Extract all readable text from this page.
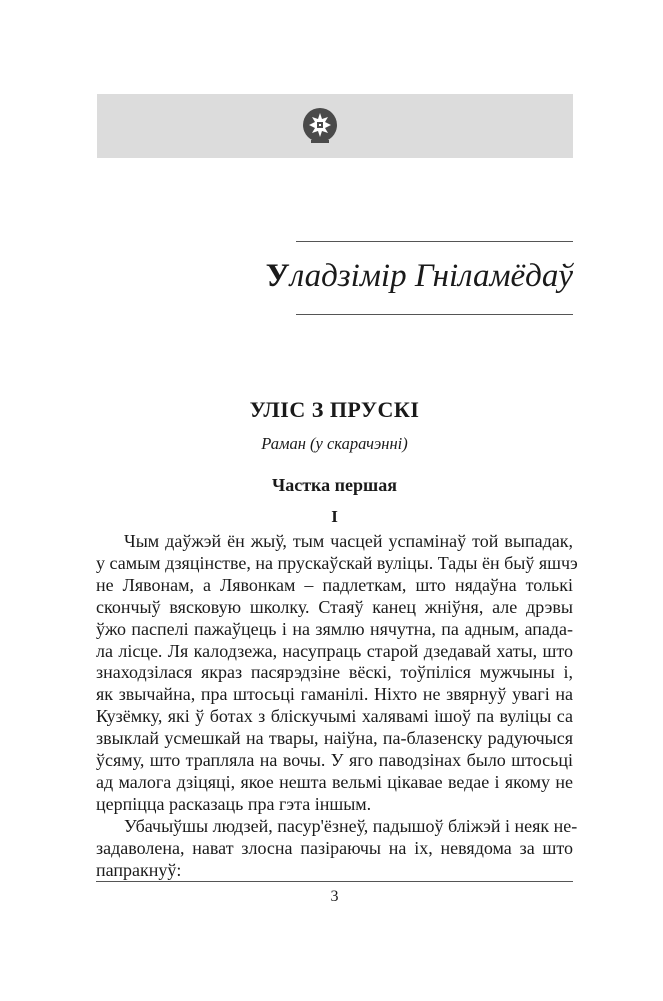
Уладзімір Гніламёдаў
УЛІС З ПРУСКІ
Раман (у скарачэнні)
Частка першая
I
Чым даўжэй ён жыў, тым часцей успамінаў той выпадак,
у самым дзяцінстве, на прускаўскай вуліцы. Тады ён быў яшчэ
не Лявонам, а Лявонкам – падлеткам, што нядаўна толькі
скончыў вясковую школку. Стаяў канец жніўня, але дрэвы
ўжо паспелі пажаўцець і на зямлю нячутна, па адным, апада-
ла лісце. Ля калодзежа, насупраць старой дзедавай хаты, што
знаходзілася якраз пасярэдзіне вёскі, тоўпіліся мужчыны і,
як звычайна, пра штосьці гаманілі. Ніхто не звярнуў увагі на
Кузёмку, які ў ботах з бліскучымі халявамі ішоў па вуліцы са
звыклай усмешкай на твары, наіўна, па-блазенску радуючыся
ўсяму, што трапляла на вочы. У яго паводзінах было штосьці
ад малога дзіцяці, якое нешта вельмі цікавае ведае і якому не
церпіцца расказаць пра гэта іншым.
Убачыўшы людзей, пасур'ёзнеў, падышоў бліжэй і неяк не-
задаволена, нават злосна пазіраючы на іх, невядома за што
папракнуў:
3
